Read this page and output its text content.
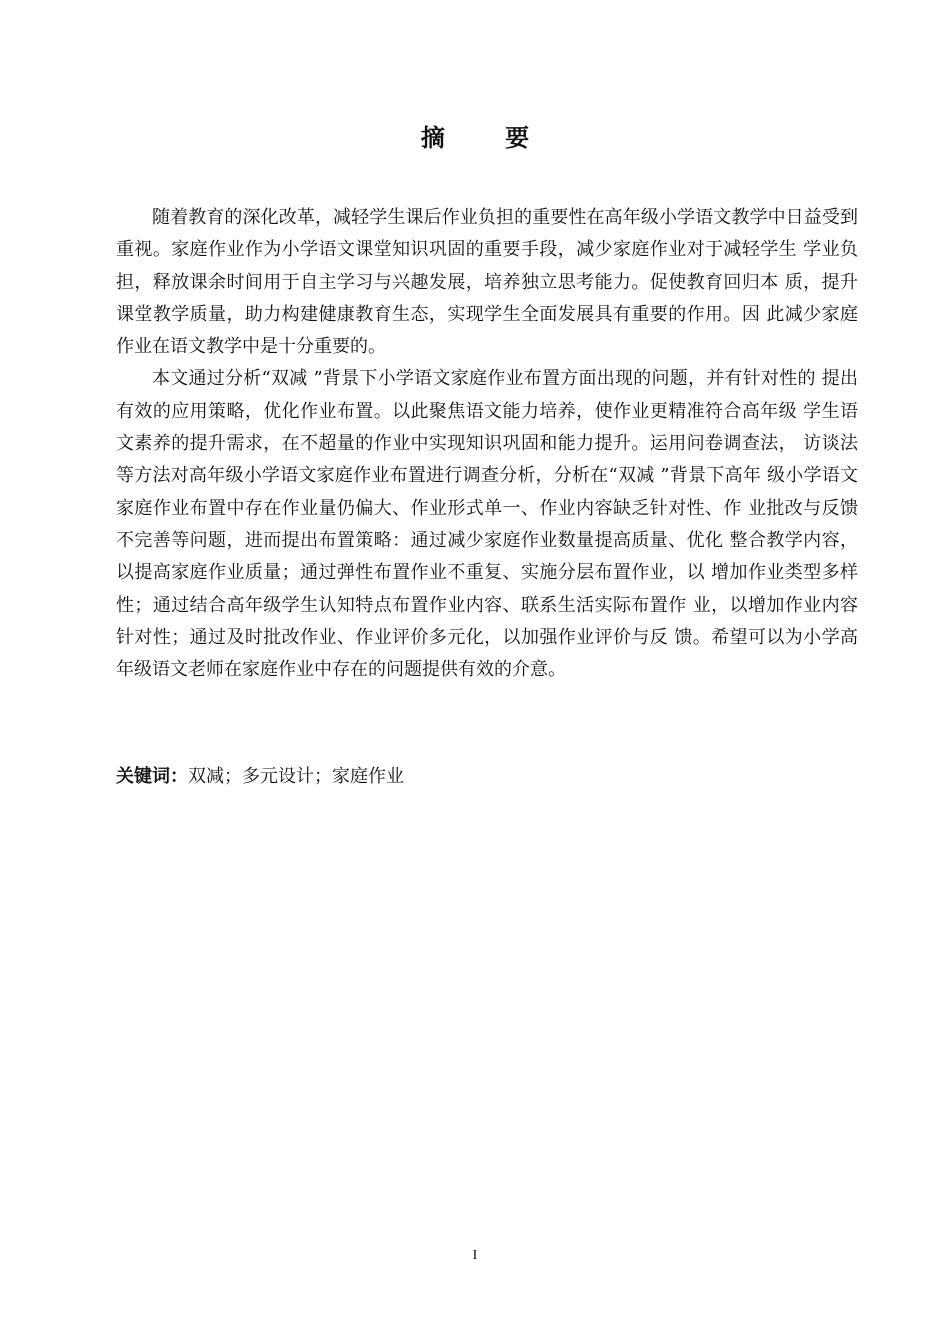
摘 要

随着教育的深化改革，减轻学生课后作业负担的重要性在高年级小学语文教学中日益受到重视。家庭作业作为小学语文课堂知识巩固的重要手段，减少家庭作业对于减轻学生 学业负担，释放课余时间用于自主学习与兴趣发展，培养独立思考能力。促使教育回归本 质，提升课堂教学质量，助力构建健康教育生态，实现学生全面发展具有重要的作用。因 此减少家庭作业在语文教学中是十分重要的。

本文通过分析“双减 ”背景下小学语文家庭作业布置方面出现的问题，并有针对性的 提出有效的应用策略，优化作业布置。以此聚焦语文能力培养，使作业更精准符合高年级 学生语文素养的提升需求，在不超量的作业中实现知识巩固和能力提升。运用问卷调查法， 访谈法等方法对高年级小学语文家庭作业布置进行调查分析，分析在“双减 ”背景下高年 级小学语文家庭作业布置中存在作业量仍偏大、作业形式单一、作业内容缺乏针对性、作 业批改与反馈不完善等问题，进而提出布置策略：通过减少家庭作业数量提高质量、优化 整合教学内容，以提高家庭作业质量；通过弹性布置作业不重复、实施分层布置作业，以 增加作业类型多样性；通过结合高年级学生认知特点布置作业内容、联系生活实际布置作 业，以增加作业内容针对性；通过及时批改作业、作业评价多元化，以加强作业评价与反 馈。希望可以为小学高年级语文老师在家庭作业中存在的问题提供有效的介意。

关键词：双减；多元设计；家庭作业
I
